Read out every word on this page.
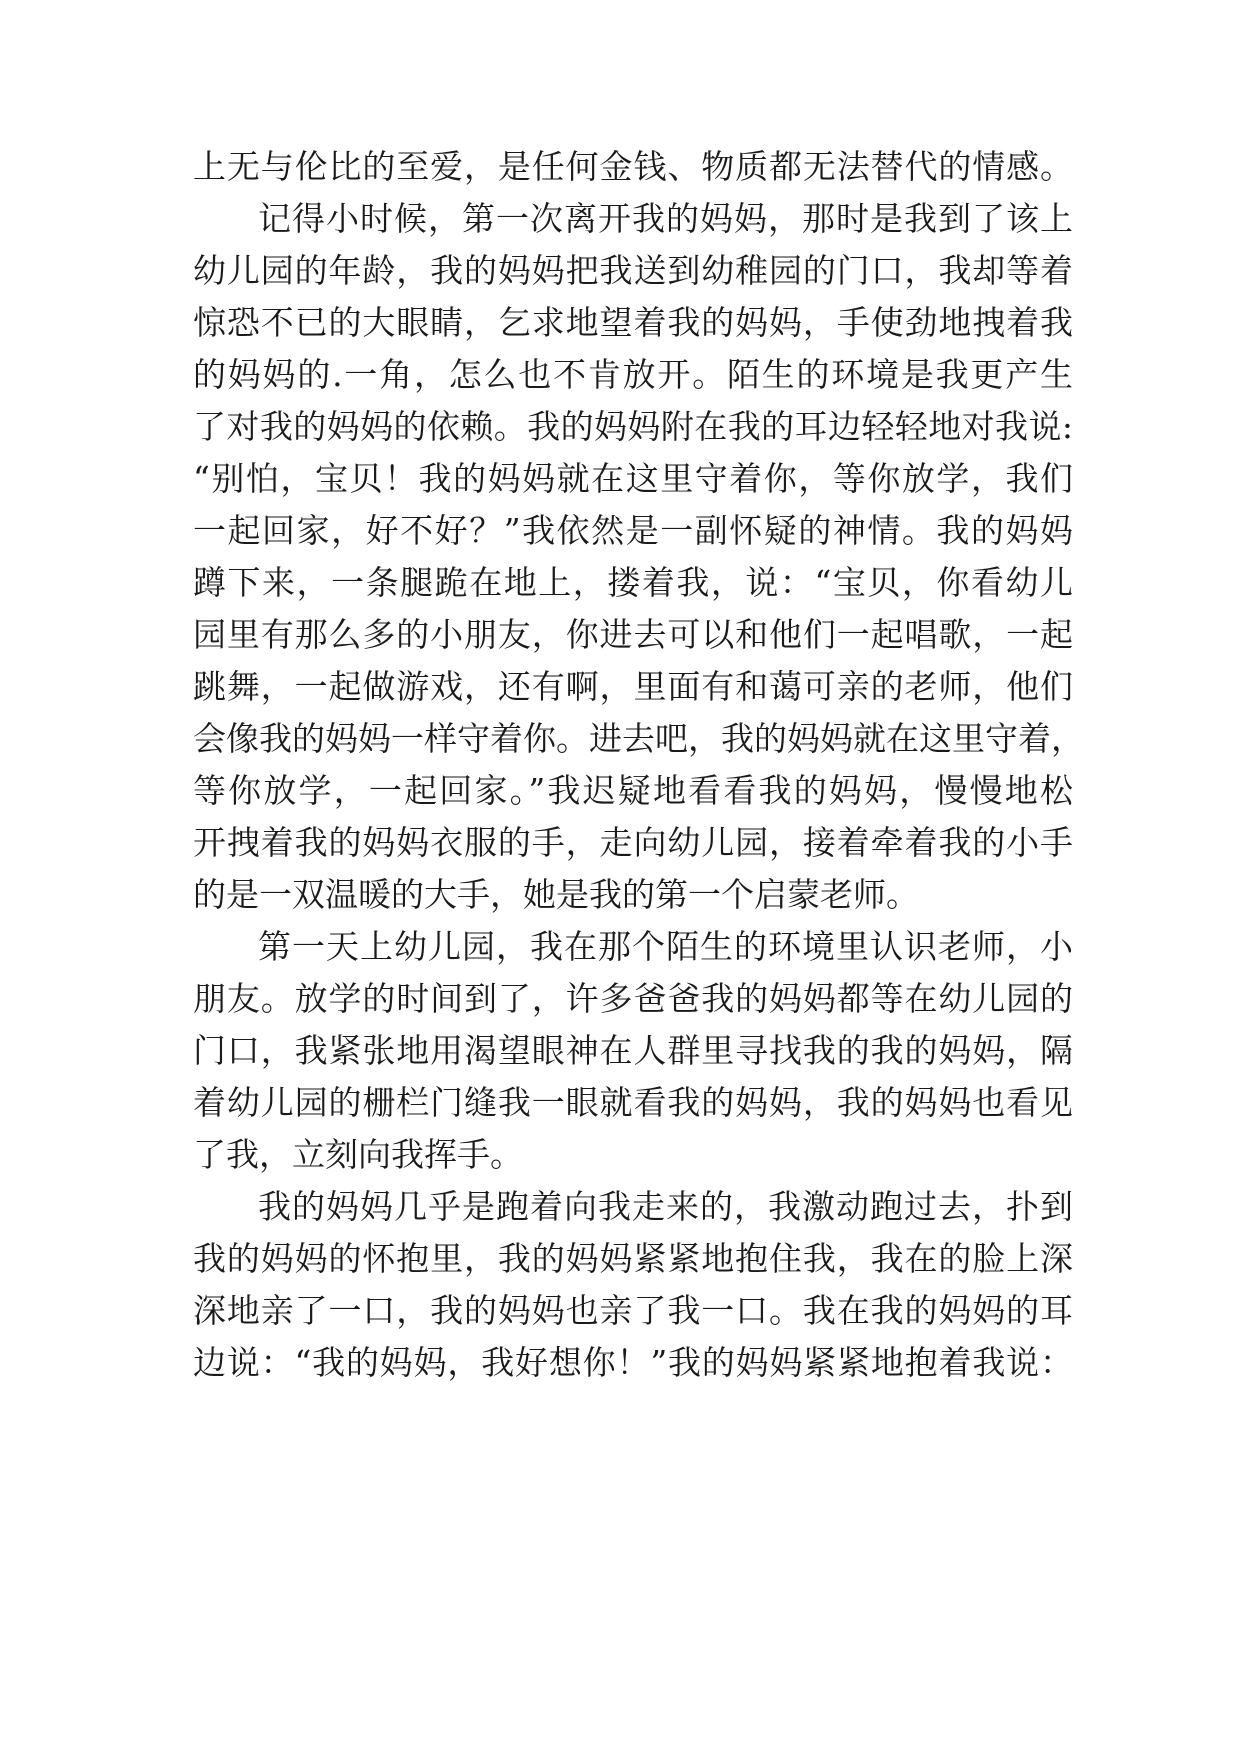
上无与伦比的至爱，是任何金钱、物质都无法替代的情感。
记得小时候，第一次离开我的妈妈，那时是我到了该上
幼儿园的年龄，我的妈妈把我送到幼稚园的门口，我却等着
惊恐不已的大眼睛，乞求地望着我的妈妈，手使劲地拽着我
的妈妈的.一角，怎么也不肯放开。陌生的环境是我更产生
了对我的妈妈的依赖。我的妈妈附在我的耳边轻轻地对我说:
“别怕，宝贝！我的妈妈就在这里守着你，等你放学，我们
一起回家，好不好？”我依然是一副怀疑的神情。我的妈妈
蹲下来，一条腿跪在地上，搂着我，说：“宝贝，你看幼儿
园里有那么多的小朋友，你进去可以和他们一起唱歌，一起
跳舞，一起做游戏，还有啊，里面有和蔼可亲的老师，他们
会像我的妈妈一样守着你。进去吧，我的妈妈就在这里守着，
等你放学，一起回家。”我迟疑地看看我的妈妈，慢慢地松
开拽着我的妈妈衣服的手，走向幼儿园，接着牵着我的小手
的是一双温暖的大手，她是我的第一个启蒙老师。
第一天上幼儿园，我在那个陌生的环境里认识老师，小
朋友。放学的时间到了，许多爸爸我的妈妈都等在幼儿园的
门口，我紧张地用渴望眼神在人群里寻找我的我的妈妈，隔
着幼儿园的栅栏门缝我一眼就看我的妈妈，我的妈妈也看见
了我，立刻向我挥手。
我的妈妈几乎是跑着向我走来的，我激动跑过去，扑到
我的妈妈的怀抱里，我的妈妈紧紧地抱住我，我在的脸上深
深地亲了一口，我的妈妈也亲了我一口。我在我的妈妈的耳
边说：“我的妈妈，我好想你！”我的妈妈紧紧地抱着我说：
